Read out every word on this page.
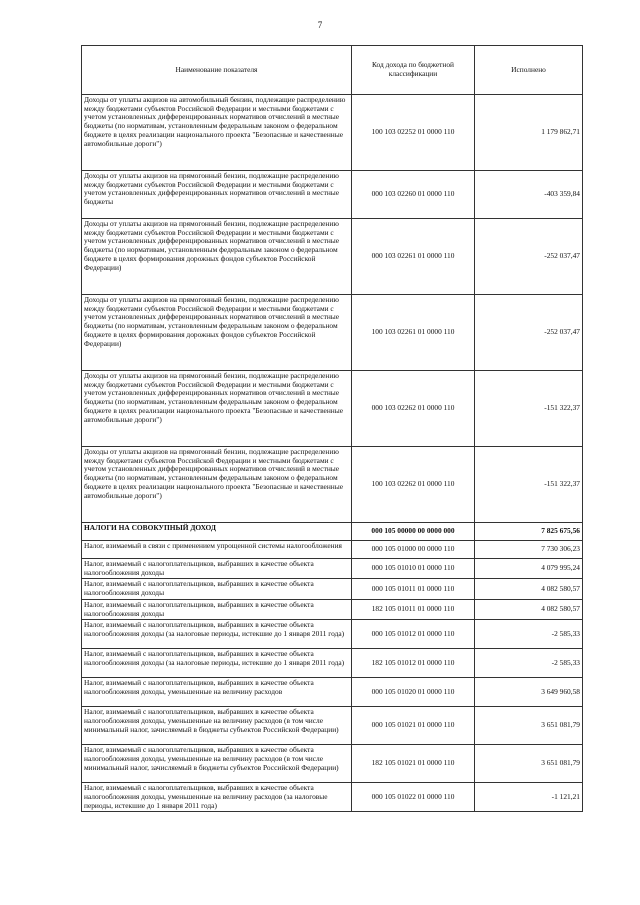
7
Наименование показателя	Код дохода по бюджетной классификации	Исполнено
Доходы от уплаты акцизов на автомобильный бензин, подлежащие распределению между бюджетами субъектов Российской Федерации и местными бюджетами с учетом установленных дифференцированных нормативов отчислений в местные бюджеты (по нормативам, установленным федеральным законом о федеральном бюджете в целях реализации национального проекта "Безопасные и качественные автомобильные дороги")	100 103 02252 01 0000 110	1 179 862,71
Доходы от уплаты акцизов на прямогонный бензин, подлежащие распределению между бюджетами субъектов Российской Федерации и местными бюджетами с учетом установленных дифференцированных нормативов отчислений в местные бюджеты	000 103 02260 01 0000 110	-403 359,84
Доходы от уплаты акцизов на прямогонный бензин, подлежащие распределению между бюджетами субъектов Российской Федерации и местными бюджетами с учетом установленных дифференцированных нормативов отчислений в местные бюджеты (по нормативам, установленным федеральным законом о федеральном бюджете в целях формирования дорожных фондов субъектов Российской Федерации)	000 103 02261 01 0000 110	-252 037,47
Доходы от уплаты акцизов на прямогонный бензин, подлежащие распределению между бюджетами субъектов Российской Федерации и местными бюджетами с учетом установленных дифференцированных нормативов отчислений в местные бюджеты (по нормативам, установленным федеральным законом о федеральном бюджете в целях формирования дорожных фондов субъектов Российской Федерации)	100 103 02261 01 0000 110	-252 037,47
Доходы от уплаты акцизов на прямогонный бензин, подлежащие распределению между бюджетами субъектов Российской Федерации и местными бюджетами с учетом установленных дифференцированных нормативов отчислений в местные бюджеты (по нормативам, установленным федеральным законом о федеральном бюджете в целях реализации национального проекта "Безопасные и качественные автомобильные дороги")	000 103 02262 01 0000 110	-151 322,37
Доходы от уплаты акцизов на прямогонный бензин, подлежащие распределению между бюджетами субъектов Российской Федерации и местными бюджетами с учетом установленных дифференцированных нормативов отчислений в местные бюджеты (по нормативам, установленным федеральным законом о федеральном бюджете в целях реализации национального проекта "Безопасные и качественные автомобильные дороги")	100 103 02262 01 0000 110	-151 322,37
НАЛОГИ НА СОВОКУПНЫЙ ДОХОД	000 105 00000 00 0000 000	7 825 675,56
Налог, взимаемый в связи с применением упрощенной системы налогообложения	000 105 01000 00 0000 110	7 730 306,23
Налог, взимаемый с налогоплательщиков, выбравших в качестве объекта налогообложения доходы	000 105 01010 01 0000 110	4 079 995,24
Налог, взимаемый с налогоплательщиков, выбравших в качестве объекта налогообложения доходы	000 105 01011 01 0000 110	4 082 580,57
Налог, взимаемый с налогоплательщиков, выбравших в качестве объекта налогообложения доходы	182 105 01011 01 0000 110	4 082 580,57
Налог, взимаемый с налогоплательщиков, выбравших в качестве объекта налогообложения доходы (за налоговые периоды, истекшие до 1 января 2011 года)	000 105 01012 01 0000 110	-2 585,33
Налог, взимаемый с налогоплательщиков, выбравших в качестве объекта налогообложения доходы (за налоговые периоды, истекшие до 1 января 2011 года)	182 105 01012 01 0000 110	-2 585,33
Налог, взимаемый с налогоплательщиков, выбравших в качестве объекта налогообложения доходы, уменьшенные на величину расходов	000 105 01020 01 0000 110	3 649 960,58
Налог, взимаемый с налогоплательщиков, выбравших в качестве объекта налогообложения доходы, уменьшенные на величину расходов (в том числе минимальный налог, зачисляемый в бюджеты субъектов Российской Федерации)	000 105 01021 01 0000 110	3 651 081,79
Налог, взимаемый с налогоплательщиков, выбравших в качестве объекта налогообложения доходы, уменьшенные на величину расходов (в том числе минимальный налог, зачисляемый в бюджеты субъектов Российской Федерации)	182 105 01021 01 0000 110	3 651 081,79
Налог, взимаемый с налогоплательщиков, выбравших в качестве объекта налогообложения доходы, уменьшенные на величину расходов (за налоговые периоды, истекшие до 1 января 2011 года)	000 105 01022 01 0000 110	-1 121,21
